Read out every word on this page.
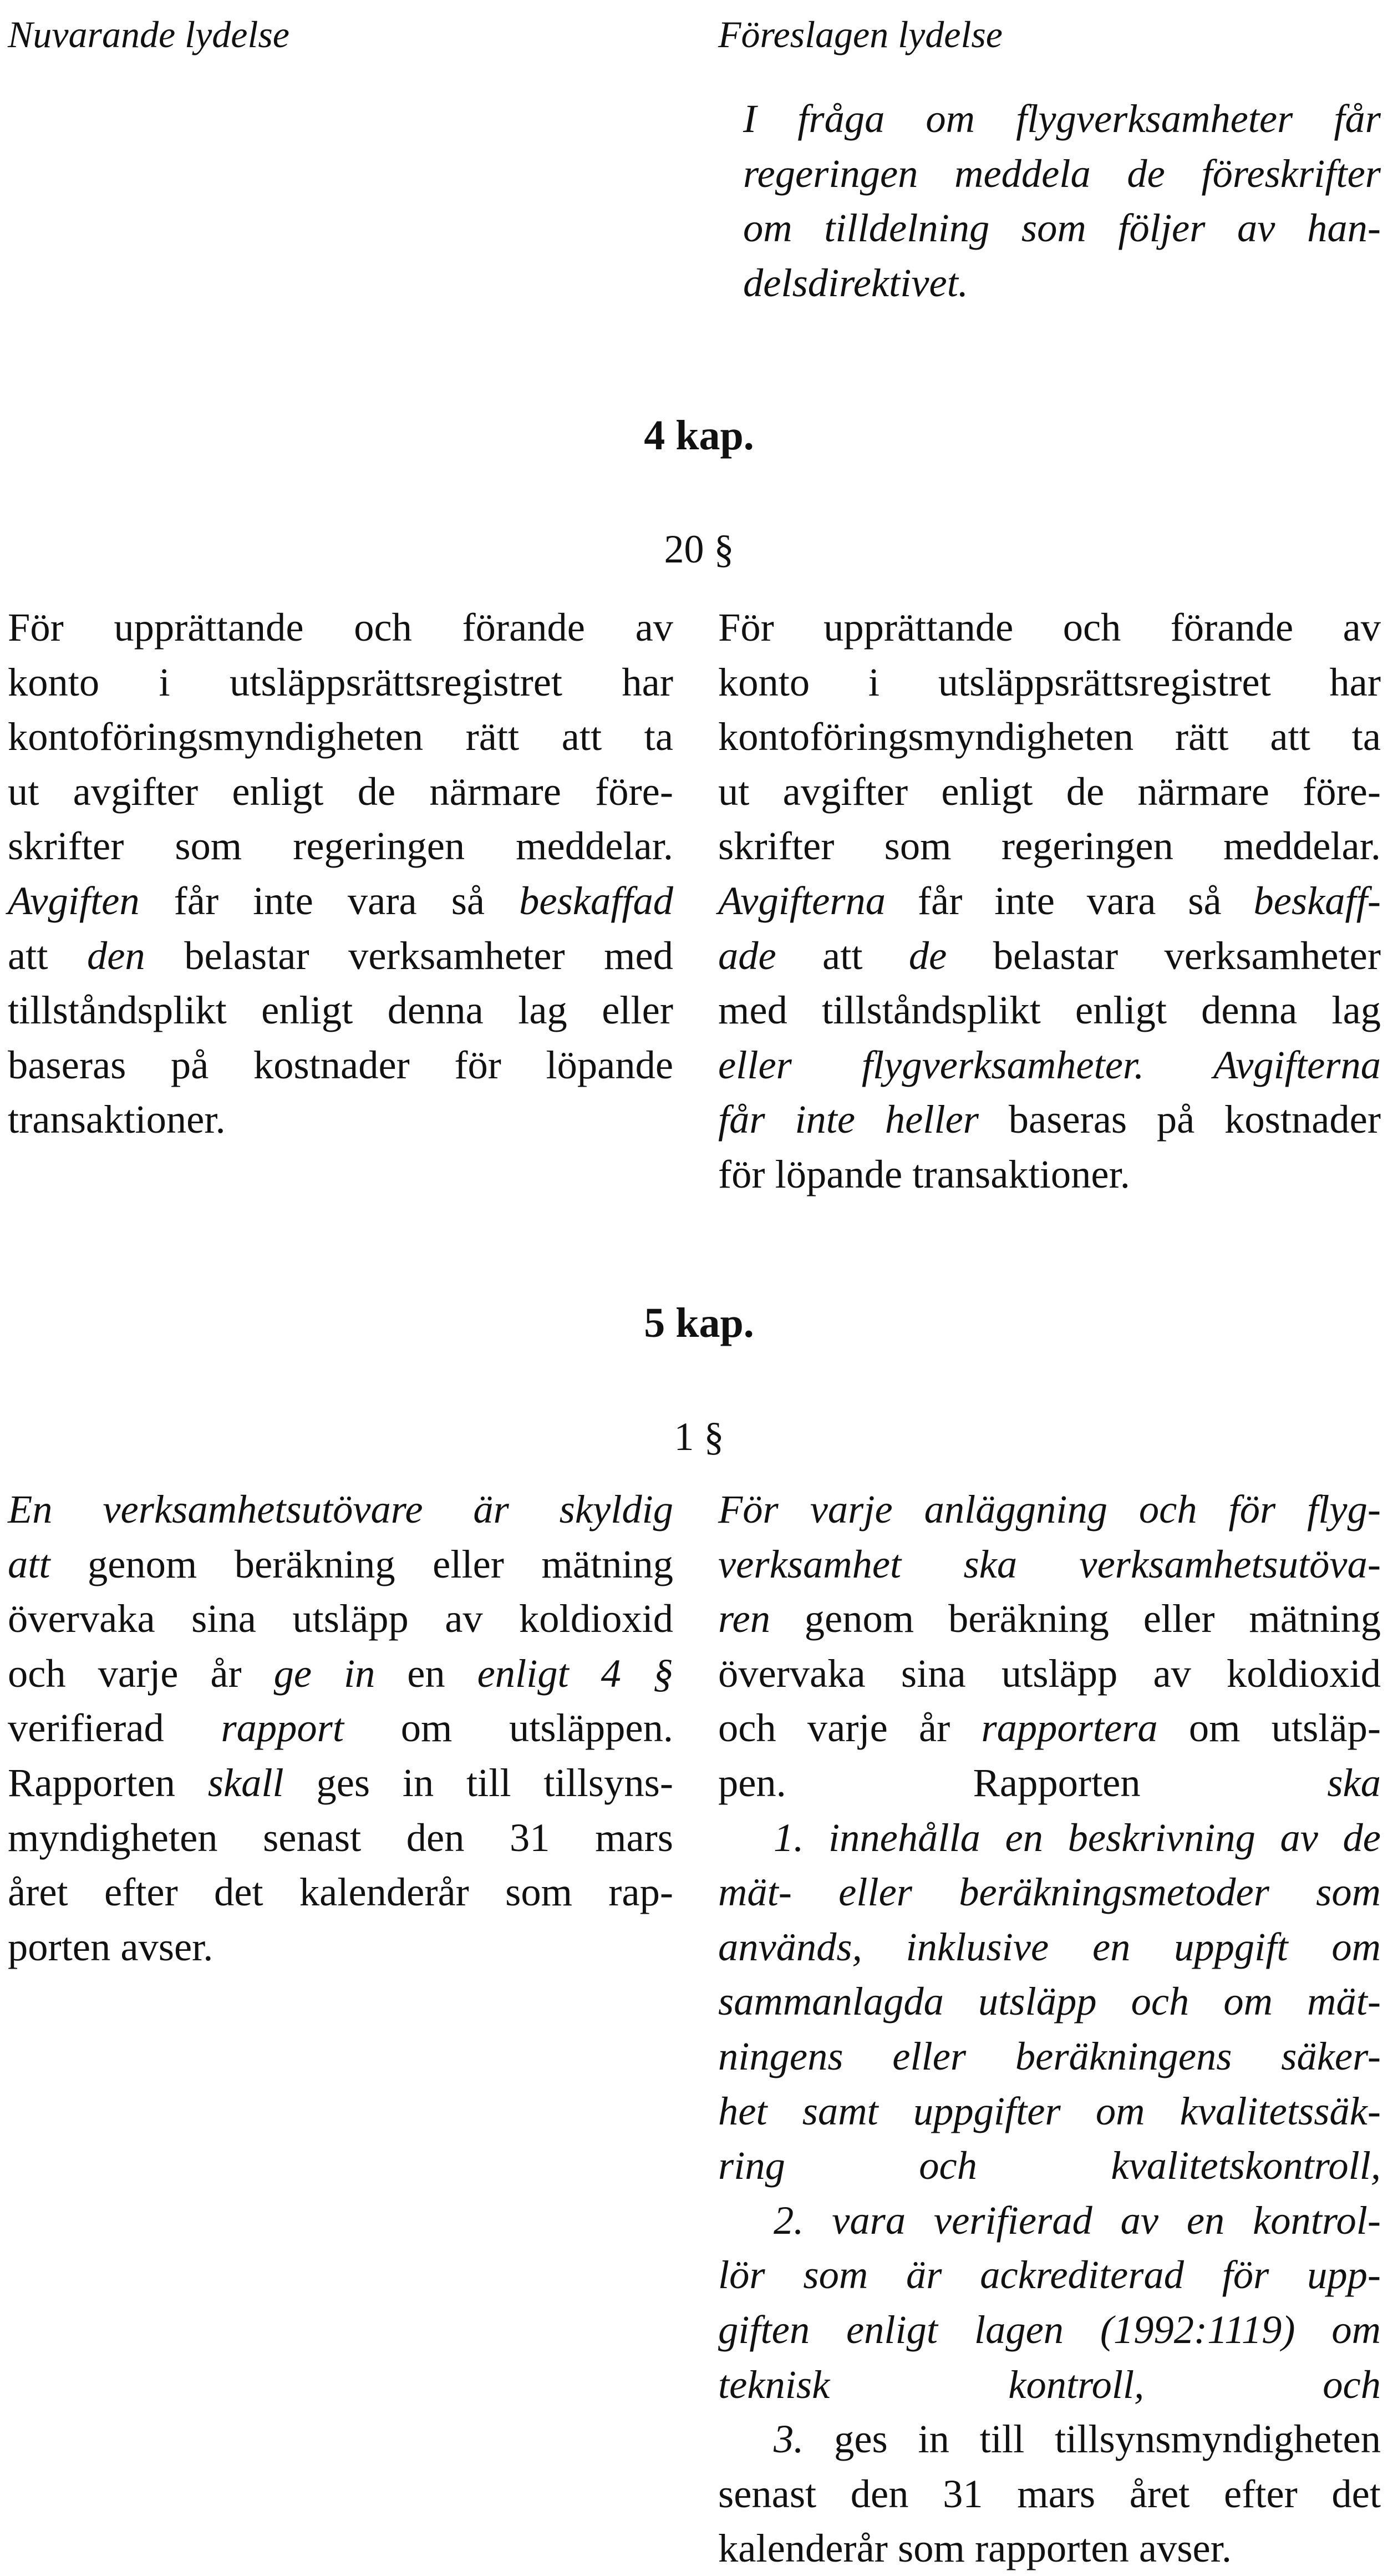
Nuvarande lydelse	Föreslagen lydelse

I fråga om flygverksamheter får
regeringen meddela de föreskrifter
om tilldelning som följer av han-
delsdirektivet.

4 kap.

20 §

För upprättande och förande av
konto i utsläppsrättsregistret har
kontoföringsmyndigheten rätt att ta
ut avgifter enligt de närmare före-
skrifter som regeringen meddelar.
Avgiften får inte vara så beskaffad
att den belastar verksamheter med
tillståndsplikt enligt denna lag eller
baseras på kostnader för löpande
transaktioner.
För upprättande och förande av
konto i utsläppsrättsregistret har
kontoföringsmyndigheten rätt att ta
ut avgifter enligt de närmare före-
skrifter som regeringen meddelar.
Avgifterna får inte vara så beskaff-
ade att de belastar verksamheter
med tillståndsplikt enligt denna lag
eller flygverksamheter. Avgifterna
får inte heller baseras på kostnader
för löpande transaktioner.

5 kap.

1 §

En verksamhetsutövare är skyldig
att genom beräkning eller mätning
övervaka sina utsläpp av koldioxid
och varje år ge in en enligt 4 §
verifierad rapport om utsläppen.
Rapporten skall ges in till tillsyns-
myndigheten senast den 31 mars
året efter det kalenderår som rap-
porten avser.
För varje anläggning och för flyg-
verksamhet ska verksamhetsutöva-
ren genom beräkning eller mätning
övervaka sina utsläpp av koldioxid
och varje år rapportera om utsläp-
pen. Rapporten ska
1. innehålla en beskrivning av de
mät- eller beräkningsmetoder som
används, inklusive en uppgift om
sammanlagda utsläpp och om mät-
ningens eller beräkningens säker-
het samt uppgifter om kvalitetssäk-
ring och kvalitetskontroll,
2. vara verifierad av en kontrol-
lör som är ackrediterad för upp-
giften enligt lagen (1992:1119) om
teknisk kontroll, och
3. ges in till tillsynsmyndigheten
senast den 31 mars året efter det
kalenderår som rapporten avser.
